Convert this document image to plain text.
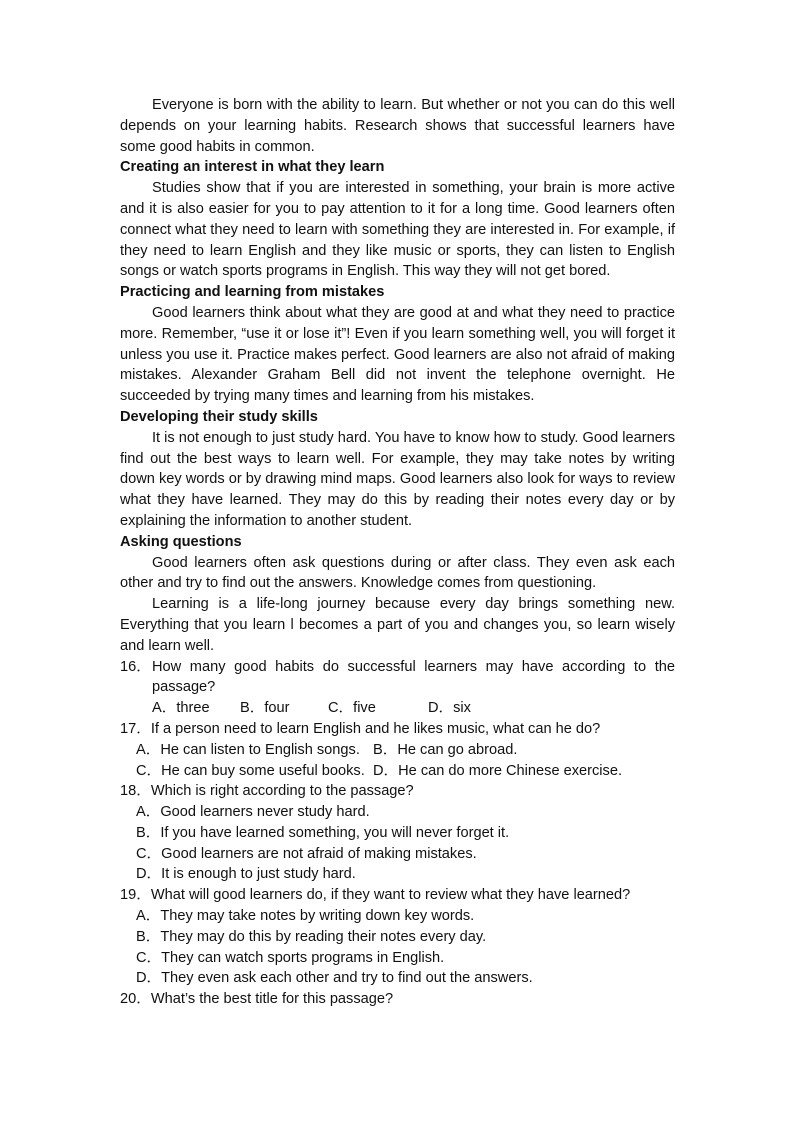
Everyone is born with the ability to learn. But whether or not you can do this well depends on your learning habits. Research shows that successful learners have some good habits in common.

Creating an interest in what they learn

Studies show that if you are interested in something, your brain is more active and it is also easier for you to pay attention to it for a long time. Good learners often connect what they need to learn with something they are interested in. For example, if they need to learn English and they like music or sports, they can listen to English songs or watch sports programs in English. This way they will not get bored.

Practicing and learning from mistakes

Good learners think about what they are good at and what they need to practice more. Remember, “use it or lose it”! Even if you learn something well, you will forget it unless you use it. Practice makes perfect. Good learners are also not afraid of making mistakes. Alexander Graham Bell did not invent the telephone overnight. He succeeded by trying many times and learning from his mistakes.

Developing their study skills

It is not enough to just study hard. You have to know how to study. Good learners find out the best ways to learn well. For example, they may take notes by writing down key words or by drawing mind maps. Good learners also look for ways to review what they have learned. They may do this by reading their notes every day or by explaining the information to another student.

Asking questions

Good learners often ask questions during or after class. They even ask each other and try to find out the answers. Knowledge comes from questioning.

Learning is a life-long journey because every day brings something new. Everything that you learn l becomes a part of you and changes you, so learn wisely and learn well.

16． How many good habits do successful learners may have according to the passage?
A．three B．four	C．five	D．six
17． If a person need to learn English and he likes music, what can he do?
A．He can listen to English songs. B．He can go abroad.
C．He can buy some useful books. D．He can do more Chinese exercise.
18． Which is right according to the passage?
A．Good learners never study hard.
B．If you have learned something, you will never forget it.
C．Good learners are not afraid of making mistakes.
D．It is enough to just study hard.
19． What will good learners do, if they want to review what they have learned?
A．They may take notes by writing down key words.
B．They may do this by reading their notes every day.
C．They can watch sports programs in English.
D．They even ask each other and try to find out the answers.
20． What’s the best title for this passage?
